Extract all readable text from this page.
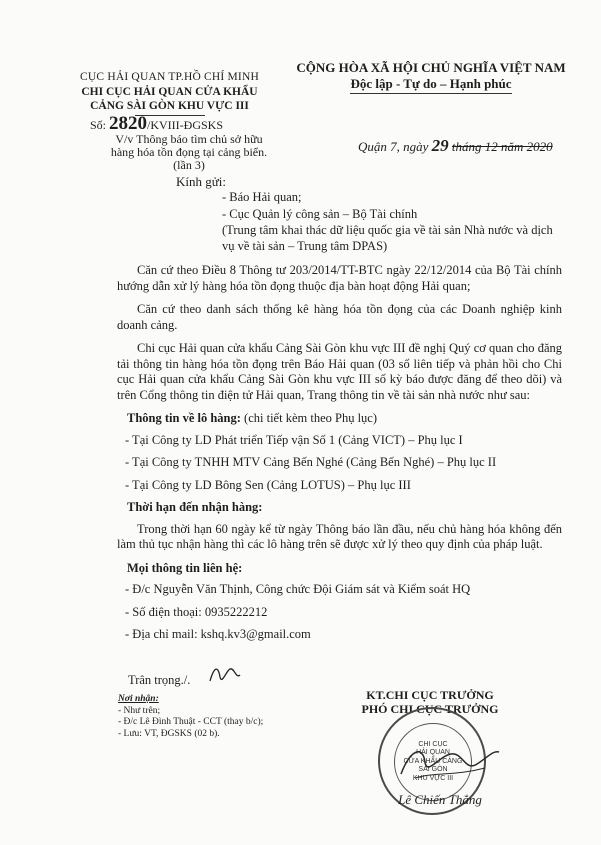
CỤC HẢI QUAN TP.HỒ CHÍ MINH
CHI CỤC HẢI QUAN CỬA KHẨU
CẢNG SÀI GÒN KHU VỰC III
CỘNG HÒA XÃ HỘI CHỦ NGHĨA VIỆT NAM
Độc lập - Tự do – Hạnh phúc
Số: 2820/KVIII-ĐGSKS
V/v Thông báo tìm chủ sở hữu
hàng hóa tồn đọng tại cảng biển.
(lần 3)
Quận 7, ngày 29 tháng 12 năm 2020
Kính gửi:
- Báo Hải quan;
- Cục Quản lý công sản – Bộ Tài chính
(Trung tâm khai thác dữ liệu quốc gia về tài sản Nhà nước và dịch vụ về tài sản – Trung tâm DPAS)

Căn cứ theo Điều 8 Thông tư 203/2014/TT-BTC ngày 22/12/2014 của Bộ Tài chính hướng dẫn xử lý hàng hóa tồn đọng thuộc địa bàn hoạt động Hải quan;

Căn cứ theo danh sách thống kê hàng hóa tồn đọng của các Doanh nghiệp kinh doanh cảng.

Chi cục Hải quan cửa khẩu Cảng Sài Gòn khu vực III đề nghị Quý cơ quan cho đăng tải thông tin hàng hóa tồn đọng trên Báo Hải quan (03 số liên tiếp và phản hồi cho Chi cục Hải quan cửa khẩu Cảng Sài Gòn khu vực III số kỳ báo được đăng để theo dõi) và trên Cổng thông tin điện tử Hải quan, Trang thông tin về tài sản nhà nước như sau:

Thông tin về lô hàng: (chi tiết kèm theo Phụ lục)
- Tại Công ty LD Phát triển Tiếp vận Số 1 (Cảng VICT) – Phụ lục I
- Tại Công ty TNHH MTV Cảng Bến Nghé (Cảng Bến Nghé) – Phụ lục II
- Tại Công ty LD Bông Sen (Cảng LOTUS) – Phụ lục III
Thời hạn đến nhận hàng:

Trong thời hạn 60 ngày kể từ ngày Thông báo lần đầu, nếu chủ hàng hóa không đến làm thủ tục nhận hàng thì các lô hàng trên sẽ được xử lý theo quy định của pháp luật.

Mọi thông tin liên hệ:
- Đ/c Nguyễn Văn Thịnh, Công chức Đội Giám sát và Kiểm soát HQ
- Số điện thoại: 0935222212
- Địa chỉ mail: kshq.kv3@gmail.com
Trân trọng./.
Nơi nhận:
- Như trên;
- Đ/c Lê Đình Thuật - CCT (thay b/c);
- Lưu: VT, ĐGSKS (02 b).
KT.CHI CỤC TRƯỞNG
PHÓ CHI CỤC TRƯỞNG
CHI CỤC
HẢI QUAN
CỬA KHẨU CẢNG
SÀI GÒN
KHU VỰC III
Lê Chiến Thắng
